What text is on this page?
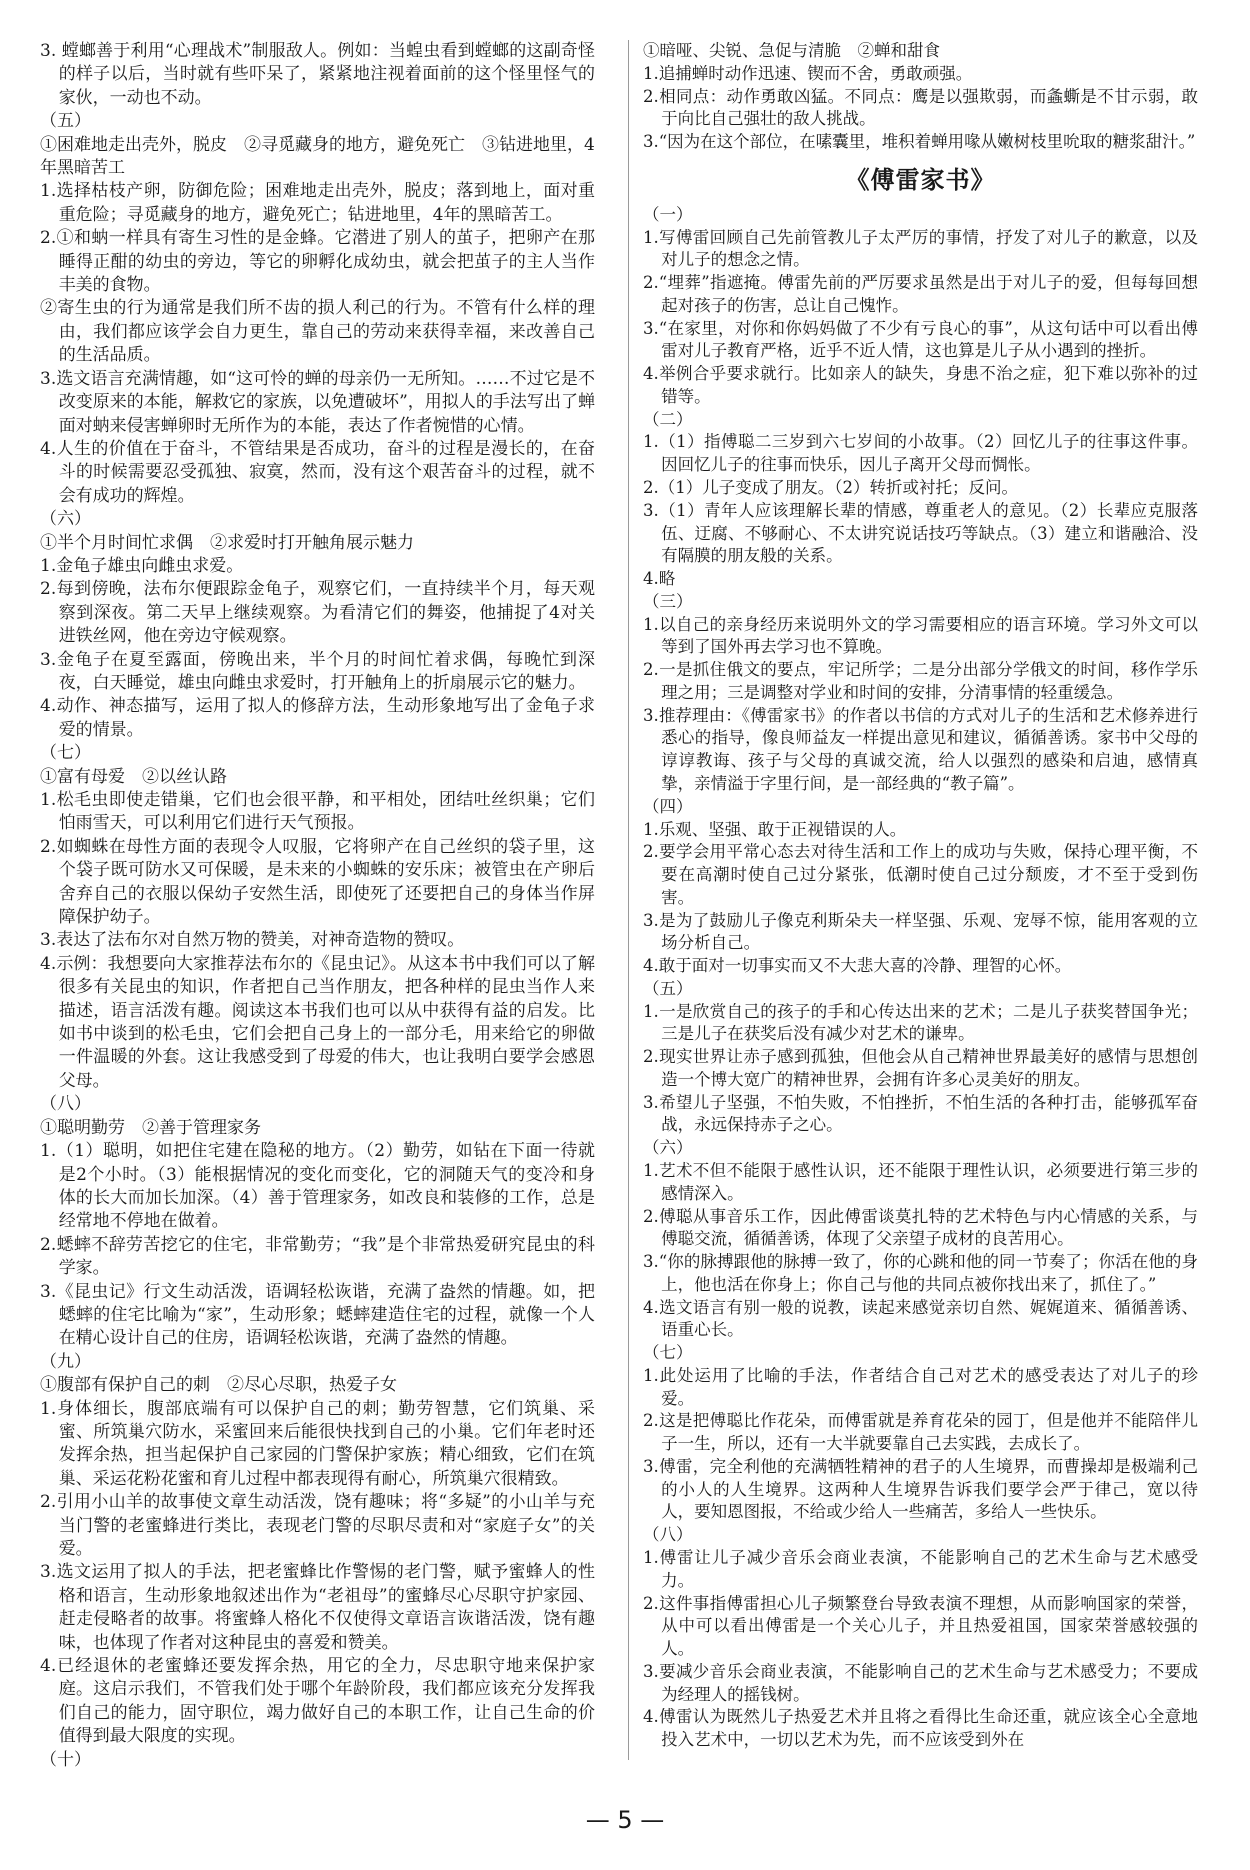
3. 螳螂善于利用“心理战术”制服敌人。例如：当蝗虫看到螳螂的这副奇怪的样子以后，当时就有些吓呆了，紧紧地注视着面前的这个怪里怪气的家伙，一动也不动。

（五）

①困难地走出壳外，脱皮　②寻觅藏身的地方，避免死亡　③钻进地里，4年黑暗苦工

1.选择枯枝产卵，防御危险；困难地走出壳外，脱皮；落到地上，面对重重危险；寻觅藏身的地方，避免死亡；钻进地里，4年的黑暗苦工。

2.①和蚋一样具有寄生习性的是金蜂。它潜进了别人的茧子，把卵产在那睡得正酣的幼虫的旁边，等它的卵孵化成幼虫，就会把茧子的主人当作丰美的食物。

②寄生虫的行为通常是我们所不齿的损人利己的行为。不管有什么样的理由，我们都应该学会自力更生，靠自己的劳动来获得幸福，来改善自己的生活品质。

3.选文语言充满情趣，如“这可怜的蝉的母亲仍一无所知。……不过它是不改变原来的本能，解救它的家族，以免遭破坏”，用拟人的手法写出了蝉面对蚋来侵害蝉卵时无所作为的本能，表达了作者惋惜的心情。

4.人生的价值在于奋斗，不管结果是否成功，奋斗的过程是漫长的，在奋斗的时候需要忍受孤独、寂寞，然而，没有这个艰苦奋斗的过程，就不会有成功的辉煌。

（六）

①半个月时间忙求偶　②求爱时打开触角展示魅力

1.金龟子雄虫向雌虫求爱。

2.每到傍晚，法布尔便跟踪金龟子，观察它们，一直持续半个月，每天观察到深夜。第二天早上继续观察。为看清它们的舞姿，他捕捉了4对关进铁丝网，他在旁边守候观察。

3.金龟子在夏至露面，傍晚出来，半个月的时间忙着求偶，每晚忙到深夜，白天睡觉，雄虫向雌虫求爱时，打开触角上的折扇展示它的魅力。

4.动作、神态描写，运用了拟人的修辞方法，生动形象地写出了金龟子求爱的情景。

（七）

①富有母爱　②以丝认路

1.松毛虫即使走错巢，它们也会很平静，和平相处，团结吐丝织巢；它们怕雨雪天，可以利用它们进行天气预报。

2.如蜘蛛在母性方面的表现令人叹服，它将卵产在自己丝织的袋子里，这个袋子既可防水又可保暖，是未来的小蜘蛛的安乐床；被管虫在产卵后舍弃自己的衣服以保幼子安然生活，即使死了还要把自己的身体当作屏障保护幼子。

3.表达了法布尔对自然万物的赞美，对神奇造物的赞叹。

4.示例：我想要向大家推荐法布尔的《昆虫记》。从这本书中我们可以了解很多有关昆虫的知识，作者把自己当作朋友，把各种样的昆虫当作人来描述，语言活泼有趣。阅读这本书我们也可以从中获得有益的启发。比如书中谈到的松毛虫，它们会把自己身上的一部分毛，用来给它的卵做一件温暖的外套。这让我感受到了母爱的伟大，也让我明白要学会感恩父母。

（八）

①聪明勤劳　②善于管理家务

1.（1）聪明，如把住宅建在隐秘的地方。（2）勤劳，如钻在下面一待就是2个小时。（3）能根据情况的变化而变化，它的洞随天气的变冷和身体的长大而加长加深。（4）善于管理家务，如改良和装修的工作，总是经常地不停地在做着。

2.蟋蟀不辞劳苦挖它的住宅，非常勤劳；“我”是个非常热爱研究昆虫的科学家。

3.《昆虫记》行文生动活泼，语调轻松诙谐，充满了盎然的情趣。如，把蟋蟀的住宅比喻为“家”，生动形象；蟋蟀建造住宅的过程，就像一个人在精心设计自己的住房，语调轻松诙谐，充满了盎然的情趣。

（九）

①腹部有保护自己的刺　②尽心尽职，热爱子女

1.身体细长，腹部底端有可以保护自己的刺；勤劳智慧，它们筑巢、采蜜、所筑巢穴防水，采蜜回来后能很快找到自己的小巢。它们年老时还发挥余热，担当起保护自己家园的门警保护家族；精心细致，它们在筑巢、采运花粉花蜜和育儿过程中都表现得有耐心，所筑巢穴很精致。

2.引用小山羊的故事使文章生动活泼，饶有趣味；将“多疑”的小山羊与充当门警的老蜜蜂进行类比，表现老门警的尽职尽责和对“家庭子女”的关爱。

3.选文运用了拟人的手法，把老蜜蜂比作警惕的老门警，赋予蜜蜂人的性格和语言，生动形象地叙述出作为“老祖母”的蜜蜂尽心尽职守护家园、赶走侵略者的故事。将蜜蜂人格化不仅使得文章语言诙谐活泼，饶有趣味，也体现了作者对这种昆虫的喜爱和赞美。

4.已经退休的老蜜蜂还要发挥余热，用它的全力，尽忠职守地来保护家庭。这启示我们，不管我们处于哪个年龄阶段，我们都应该充分发挥我们自己的能力，固守职位，竭力做好自己的本职工作，让自己生命的价值得到最大限度的实现。

（十）

①暗哑、尖锐、急促与清脆　②蝉和甜食

1.追捕蝉时动作迅速、锲而不舍，勇敢顽强。

2.相同点：动作勇敢凶猛。不同点：鹰是以强欺弱，而螽蟖是不甘示弱，敢于向比自己强壮的敌人挑战。

3.“因为在这个部位，在嗉囊里，堆积着蝉用喙从嫩树枝里吮取的糖浆甜汁。”

《傅雷家书》

（一）

1.写傅雷回顾自己先前管教儿子太严厉的事情，抒发了对儿子的歉意，以及对儿子的想念之情。

2.“埋葬”指遮掩。傅雷先前的严厉要求虽然是出于对儿子的爱，但每每回想起对孩子的伤害，总让自己愧怍。

3.“在家里，对你和你妈妈做了不少有亏良心的事”，从这句话中可以看出傅雷对儿子教育严格，近乎不近人情，这也算是儿子从小遇到的挫折。

4.举例合乎要求就行。比如亲人的缺失，身患不治之症，犯下难以弥补的过错等。

（二）

1.（1）指傅聪二三岁到六七岁间的小故事。（2）回忆儿子的往事这件事。因回忆儿子的往事而快乐，因儿子离开父母而惆怅。

2.（1）儿子变成了朋友。（2）转折或衬托；反问。

3.（1）青年人应该理解长辈的情感，尊重老人的意见。（2）长辈应克服落伍、迂腐、不够耐心、不太讲究说话技巧等缺点。（3）建立和谐融洽、没有隔膜的朋友般的关系。

4.略

（三）

1.以自己的亲身经历来说明外文的学习需要相应的语言环境。学习外文可以等到了国外再去学习也不算晚。

2.一是抓住俄文的要点，牢记所学；二是分出部分学俄文的时间，移作学乐理之用；三是调整对学业和时间的安排，分清事情的轻重缓急。

3.推荐理由：《傅雷家书》的作者以书信的方式对儿子的生活和艺术修养进行悉心的指导，像良师益友一样提出意见和建议，循循善诱。家书中父母的谆谆教诲、孩子与父母的真诚交流，给人以强烈的感染和启迪，感情真挚，亲情溢于字里行间，是一部经典的“教子篇”。

（四）

1.乐观、坚强、敢于正视错误的人。

2.要学会用平常心态去对待生活和工作上的成功与失败，保持心理平衡，不要在高潮时使自己过分紧张，低潮时使自己过分颓废，才不至于受到伤害。

3.是为了鼓励儿子像克利斯朵夫一样坚强、乐观、宠辱不惊，能用客观的立场分析自己。

4.敢于面对一切事实而又不大悲大喜的冷静、理智的心怀。

（五）

1.一是欣赏自己的孩子的手和心传达出来的艺术；二是儿子获奖替国争光；三是儿子在获奖后没有减少对艺术的谦卑。

2.现实世界让赤子感到孤独，但他会从自己精神世界最美好的感情与思想创造一个博大宽广的精神世界，会拥有许多心灵美好的朋友。

3.希望儿子坚强，不怕失败，不怕挫折，不怕生活的各种打击，能够孤军奋战，永远保持赤子之心。

（六）

1.艺术不但不能限于感性认识，还不能限于理性认识，必须要进行第三步的感情深入。

2.傅聪从事音乐工作，因此傅雷谈莫扎特的艺术特色与内心情感的关系，与傅聪交流，循循善诱，体现了父亲望子成材的良苦用心。

3.“你的脉搏跟他的脉搏一致了，你的心跳和他的同一节奏了；你活在他的身上，他也活在你身上；你自己与他的共同点被你找出来了，抓住了。”

4.选文语言有别一般的说教，读起来感觉亲切自然、娓娓道来、循循善诱、语重心长。

（七）

1.此处运用了比喻的手法，作者结合自己对艺术的感受表达了对儿子的珍爱。

2.这是把傅聪比作花朵，而傅雷就是养育花朵的园丁，但是他并不能陪伴儿子一生，所以，还有一大半就要靠自己去实践，去成长了。

3.傅雷，完全利他的充满牺牲精神的君子的人生境界，而曹操却是极端利己的小人的人生境界。这两种人生境界告诉我们要学会严于律己，宽以待人，要知恩图报，不给或少给人一些痛苦，多给人一些快乐。

（八）

1.傅雷让儿子减少音乐会商业表演，不能影响自己的艺术生命与艺术感受力。

2.这件事指傅雷担心儿子频繁登台导致表演不理想，从而影响国家的荣誉，从中可以看出傅雷是一个关心儿子，并且热爱祖国，国家荣誉感较强的人。

3.要减少音乐会商业表演，不能影响自己的艺术生命与艺术感受力；不要成为经理人的摇钱树。

4.傅雷认为既然儿子热爱艺术并且将之看得比生命还重，就应该全心全意地投入艺术中，一切以艺术为先，而不应该受到外在

— 5 —
